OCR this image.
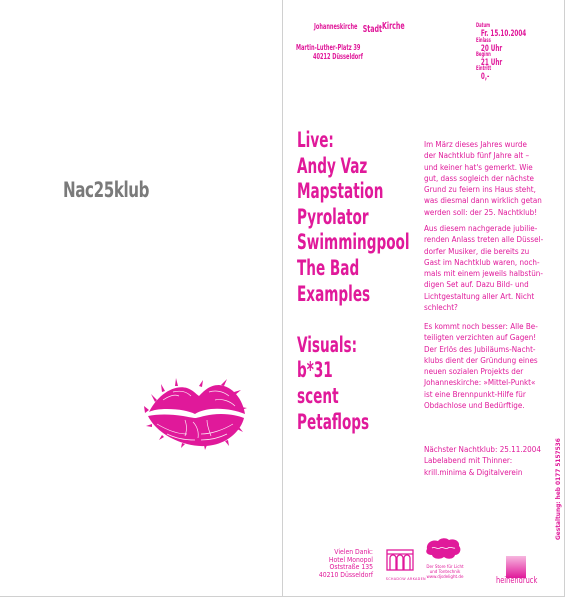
Nac25klub
Johanneskirche StadtKirche
Martin-Luther-Platz 39
40212 Düsseldorf
Datum
Fr. 15.10.2004
Einlass
20 Uhr
Beginn
21 Uhr
Eintritt
0,-
Live:
Andy Vaz
Mapstation
Pyrolator
Swimmingpool
The Bad
Examples
Visuals:
b*31
scent
Petaflops

Im März dieses Jahres wurde

der Nachtklub fünf Jahre alt –

und keiner hat's gemerkt. Wie

gut, dass sogleich der nächste

Grund zu feiern ins Haus steht,

was diesmal dann wirklich getan

werden soll: der 25. Nachtklub!

Aus diesem nachgerade jubilie-

renden Anlass treten alle Düssel-

dorfer Musiker, die bereits zu

Gast im Nachtklub waren, noch-

mals mit einem jeweils halbstün-

digen Set auf. Dazu Bild- und

Lichtgestaltung aller Art. Nicht

schlecht?

Es kommt noch besser: Alle Be-

teiligten verzichten auf Gagen!

Der Erlös des Jubiläums-Nacht-

klubs dient der Gründung eines

neuen sozialen Projekts der

Johanneskirche: »Mittel-Punkt«

ist eine Brennpunkt-Hilfe für

Obdachlose und Bedürftige.

Nächster Nachtklub: 25.11.2004

Labelabend mit Thinner:

krill.minima & Digitalverein	Gestaltung: heb 0177 5157536

Vielen Dank:

Hotel Monopol

Oststraße 135

40210 Düsseldorf	SCHADOW ARKADEN
Der Store für Licht
und Tontechnik
www.djsdelight.de	heinendruck
